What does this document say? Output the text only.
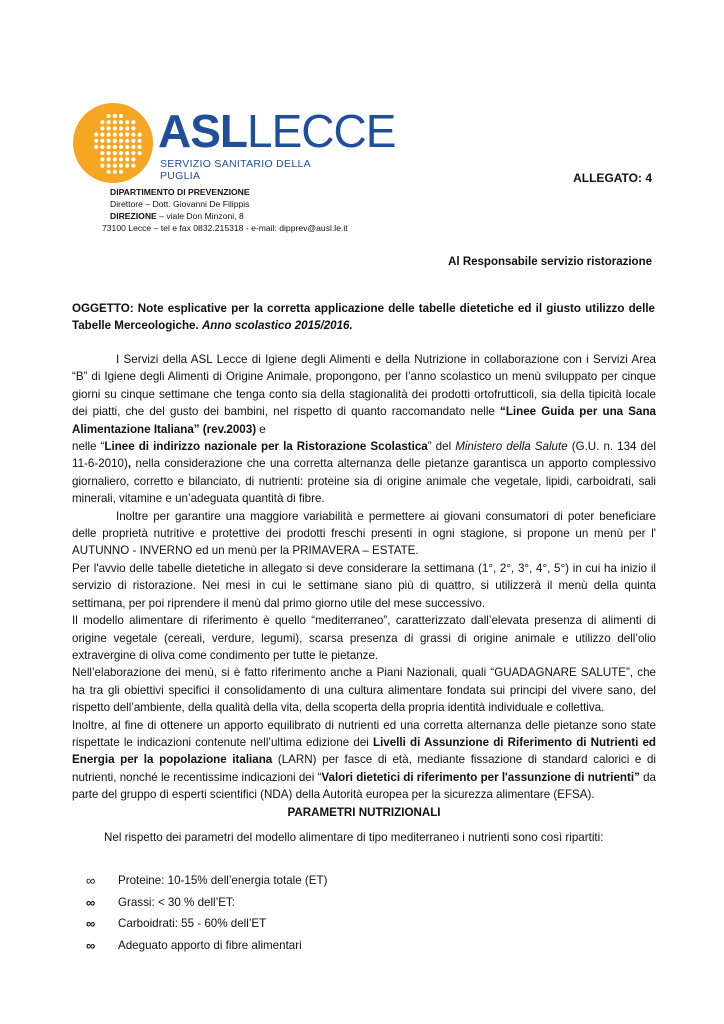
ASLLECCE
SERVIZIO SANITARIO DELLA PUGLIA
DIPARTIMENTO DI PREVENZIONE
Direttore – Dott. Giovanni De Filippis
DIREZIONE – viale Don Minzoni, 8
73100 Lecce – tel e fax 0832.215318 - e-mail: dipprev@ausl.le.it
ALLEGATO: 4
Al Responsabile servizio ristorazione
OGGETTO: Note esplicative per la corretta applicazione delle tabelle dietetiche ed il giusto utilizzo delle Tabelle Merceologiche. Anno scolastico 2015/2016.

I Servizi della ASL Lecce di Igiene degli Alimenti e della Nutrizione in collaborazione con i Servizi Area “B” di Igiene degli Alimenti di Origine Animale, propongono, per l’anno scolastico un menù sviluppato per cinque giorni su cinque settimane che tenga conto sia della stagionalità dei prodotti ortofrutticoli, sia della tipicità locale dei piatti, che del gusto dei bambini, nel rispetto di quanto raccomandato nelle “Linee Guida per una Sana Alimentazione Italiana” (rev.2003) e

nelle “Linee di indirizzo nazionale per la Ristorazione Scolastica” del Ministero della Salute (G.U. n. 134 del 11-6-2010), nella considerazione che una corretta alternanza delle pietanze garantisca un apporto complessivo giornaliero, corretto e bilanciato, di nutrienti: proteine sia di origine animale che vegetale, lipidi, carboidrati, sali minerali, vitamine e un’adeguata quantità di fibre.

Inoltre per garantire una maggiore variabilità e permettere ai giovani consumatori di poter beneficiare delle proprietà nutritive e protettive dei prodotti freschi presenti in ogni stagione, si propone un menù per l' AUTUNNO - INVERNO ed un menù per la PRIMAVERA – ESTATE.

Per l'avvio delle tabelle dietetiche in allegato si deve considerare la settimana (1°, 2°, 3°, 4°, 5°) in cui ha inizio il servizio di ristorazione. Nei mesi in cui le settimane siano più di quattro, si utilizzerà il menù della quinta settimana, per poi riprendere il menù dal primo giorno utile del mese successivo.

Il modello alimentare di riferimento è quello “mediterraneo”, caratterizzato dall’elevata presenza di alimenti di origine vegetale (cereali, verdure, legumi), scarsa presenza di grassi di origine animale e utilizzo dell’olio extravergine di oliva come condimento per tutte le pietanze.

Nell’elaborazione dei menù, si è fatto riferimento anche a Piani Nazionali, quali “GUADAGNARE SALUTE”, che ha tra gli obiettivi specifici il consolidamento di una cultura alimentare fondata sui principi del vivere sano, del rispetto dell’ambiente, della qualità della vita, della scoperta della propria identità individuale e collettiva.

Inoltre, al fine di ottenere un apporto equilibrato di nutrienti ed una corretta alternanza delle pietanze sono state rispettate le indicazioni contenute nell’ultima edizione dei Livelli di Assunzione di Riferimento di Nutrienti ed Energia per la popolazione italiana (LARN) per fasce di età, mediante fissazione di standard calorici e di nutrienti, nonché le recentissime indicazioni dei “Valori dietetici di riferimento per l'assunzione di nutrienti” da parte del gruppo di esperti scientifici (NDA) della Autorità europea per la sicurezza alimentare (EFSA).

PARAMETRI NUTRIZIONALI

Nel rispetto dei parametri del modello alimentare di tipo mediterraneo i nutrienti sono così ripartiti:

∞ Proteine: 10-15% dell’energia totale (ET)
∞ Grassi: < 30 % dell’ET:
∞ Carboidrati: 55 - 60% dell’ET
∞ Adeguato apporto di fibre alimentari
